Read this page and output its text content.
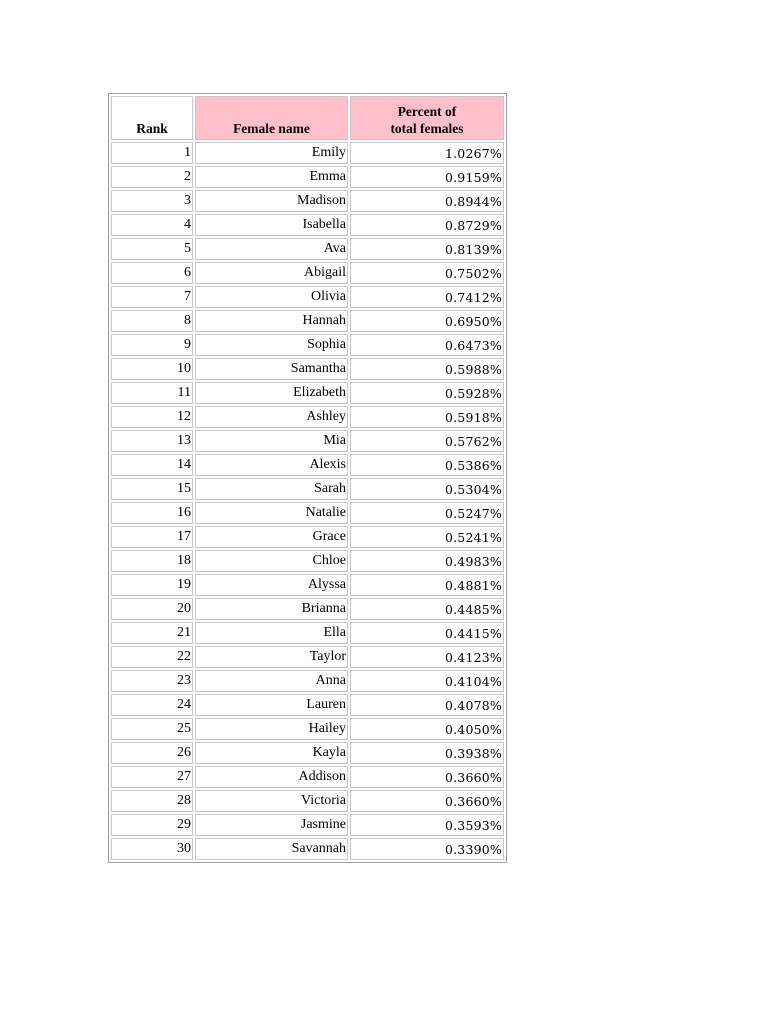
Rank	Female name	Percent of
total females
1	Emily	1.0267%
2	Emma	0.9159%
3	Madison	0.8944%
4	Isabella	0.8729%
5	Ava	0.8139%
6	Abigail	0.7502%
7	Olivia	0.7412%
8	Hannah	0.6950%
9	Sophia	0.6473%
10	Samantha	0.5988%
11	Elizabeth	0.5928%
12	Ashley	0.5918%
13	Mia	0.5762%
14	Alexis	0.5386%
15	Sarah	0.5304%
16	Natalie	0.5247%
17	Grace	0.5241%
18	Chloe	0.4983%
19	Alyssa	0.4881%
20	Brianna	0.4485%
21	Ella	0.4415%
22	Taylor	0.4123%
23	Anna	0.4104%
24	Lauren	0.4078%
25	Hailey	0.4050%
26	Kayla	0.3938%
27	Addison	0.3660%
28	Victoria	0.3660%
29	Jasmine	0.3593%
30	Savannah	0.3390%
